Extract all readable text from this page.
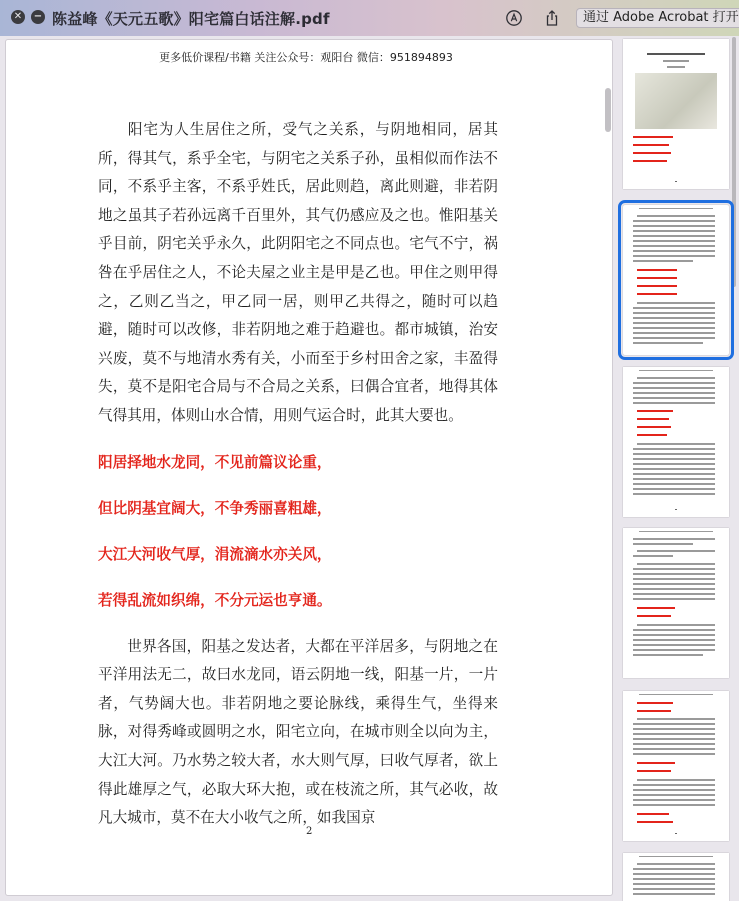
✕ − 陈益峰《天元五歌》阳宅篇白话注解.pdf	通过 Adobe Acrobat 打开
更多低价课程/书籍 关注公众号：观阳台 微信：951894893

阳宅为人生居住之所，受气之关系，与阴地相同，居其所，得其气，系乎全宅，与阴宅之关系子孙，虽相似而作法不同，不系乎主客，不系乎姓氏，居此则趋，离此则避，非若阴地之虽其子若孙远离千百里外，其气仍感应及之也。惟阳基关乎目前，阴宅关乎永久，此阴阳宅之不同点也。宅气不宁，祸咎在乎居住之人，不论夫屋之业主是甲是乙也。甲住之则甲得之，乙则乙当之，甲乙同一居，则甲乙共得之，随时可以趋避，随时可以改修，非若阴地之难于趋避也。都市城镇，治安兴废，莫不与地清水秀有关，小而至于乡村田舍之家，丰盈得失，莫不是阳宅合局与不合局之关系，曰偶合宜者，地得其体气得其用，体则山水合情，用则气运合时，此其大要也。

阳居择地水龙同，不见前篇议论重，
但比阴基宜阔大，不争秀丽喜粗雄，
大江大河收气厚，涓流滴水亦关风，
若得乱流如织绵，不分元运也亨通。

世界各国，阳基之发达者，大都在平洋居多，与阴地之在平洋用法无二，故曰水龙同，语云阴地一线，阳基一片，一片者，气势阔大也。非若阴地之要论脉线，乘得生气，坐得来脉，对得秀峰或圆明之水，阳宅立向，在城市则全以向为主，大江大河。乃水势之较大者，水大则气厚，曰收气厚者，欲上得此雄厚之气，必取大环大抱，或在枝流之所，其气必收，故凡大城市，莫不在大小收气之所，如我国京

2
